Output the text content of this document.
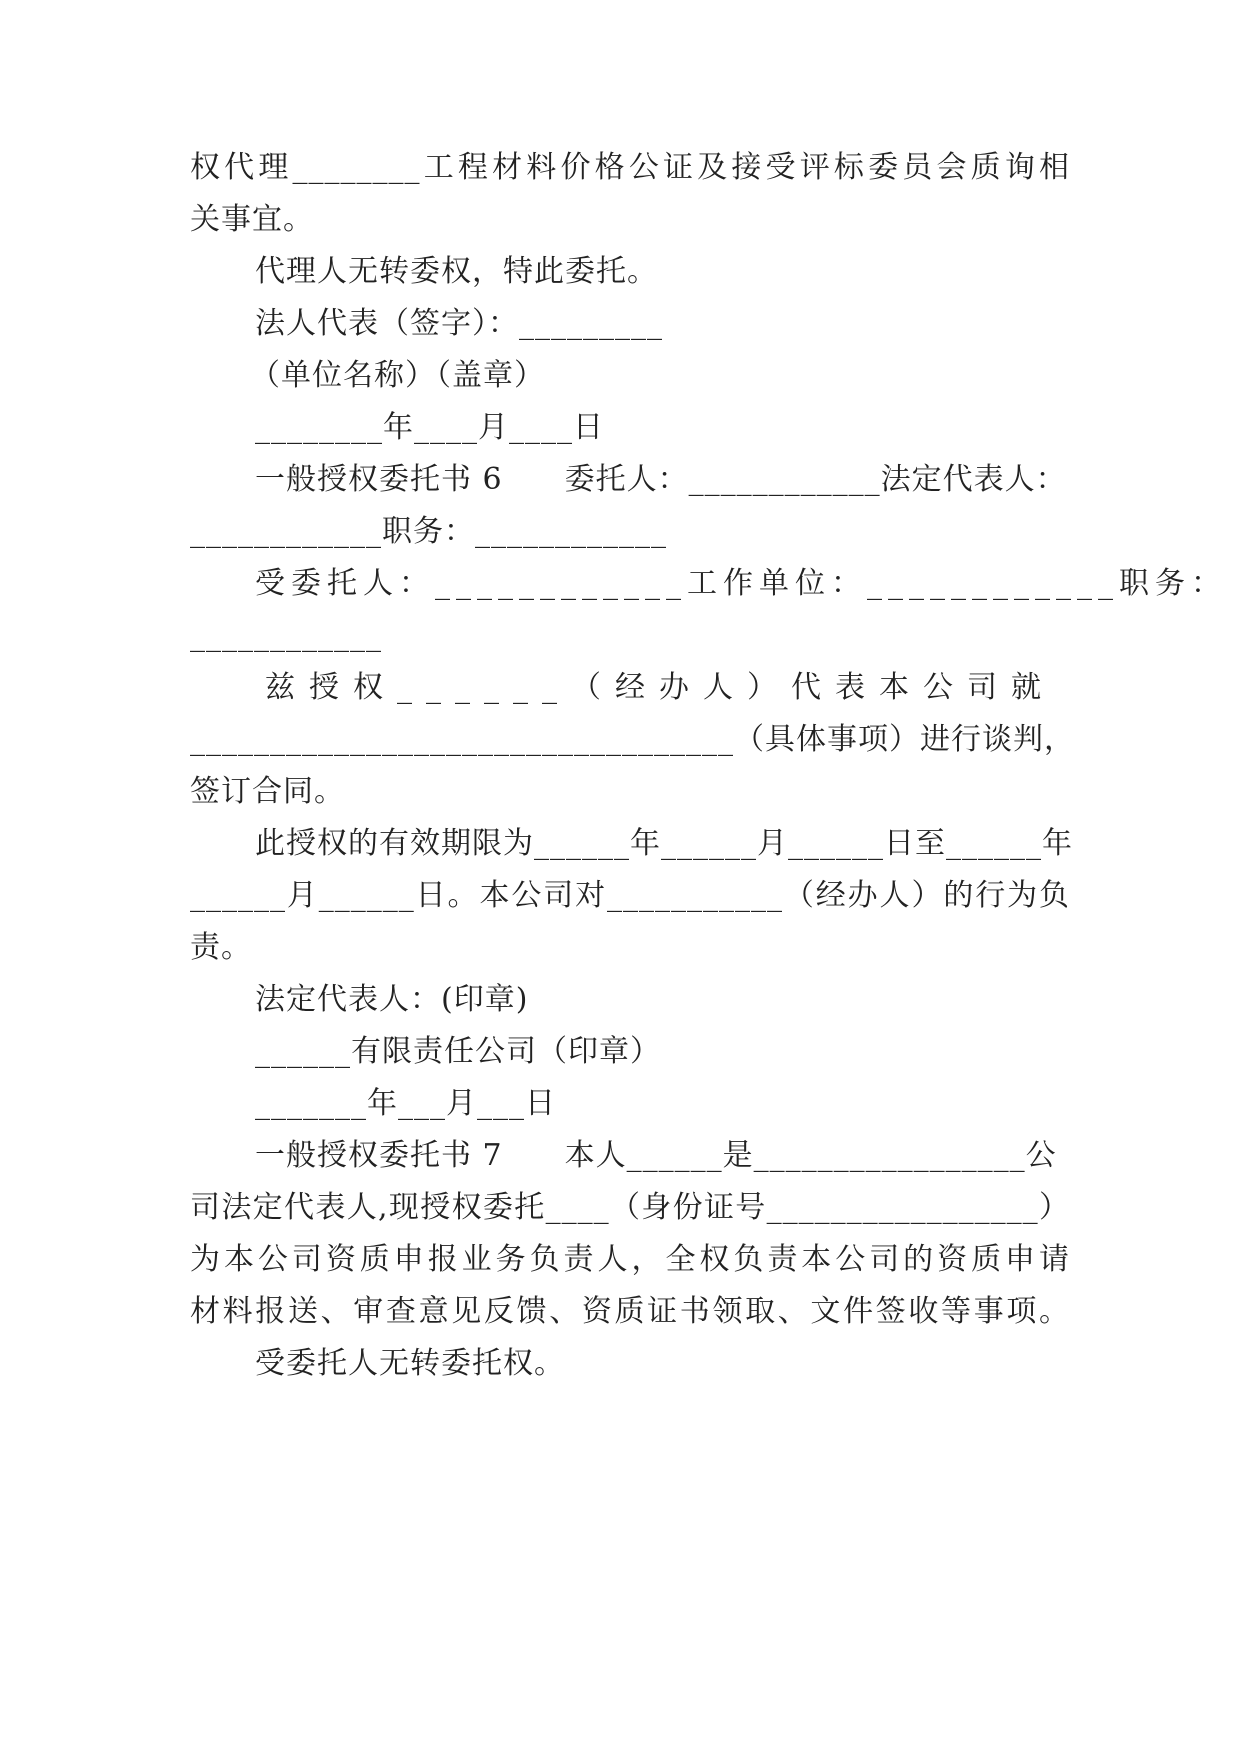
权代理________工程材料价格公证及接受评标委员会质询相
关事宜。
代理人无转委权，特此委托。
法人代表（签字）：_________
（单位名称）（盖章）
________年____月____日
一般授权委托书 6　　委托人：____________法定代表人：
____________职务：____________
受委托人：____________工作单位：____________职务：
____________
兹授权______（经办人）代表本公司就
__________________________________（具体事项）进行谈判，
签订合同。
此授权的有效期限为______年______月______日至______年
______月______日。本公司对___________（经办人）的行为负
责。
法定代表人：(印章)
______有限责任公司（印章）
_______年___月___日
一般授权委托书 7　　本人______是_________________公
司法定代表人,现授权委托____（身份证号_________________）
为本公司资质申报业务负责人，全权负责本公司的资质申请
材料报送、审查意见反馈、资质证书领取、文件签收等事项。
受委托人无转委托权。
